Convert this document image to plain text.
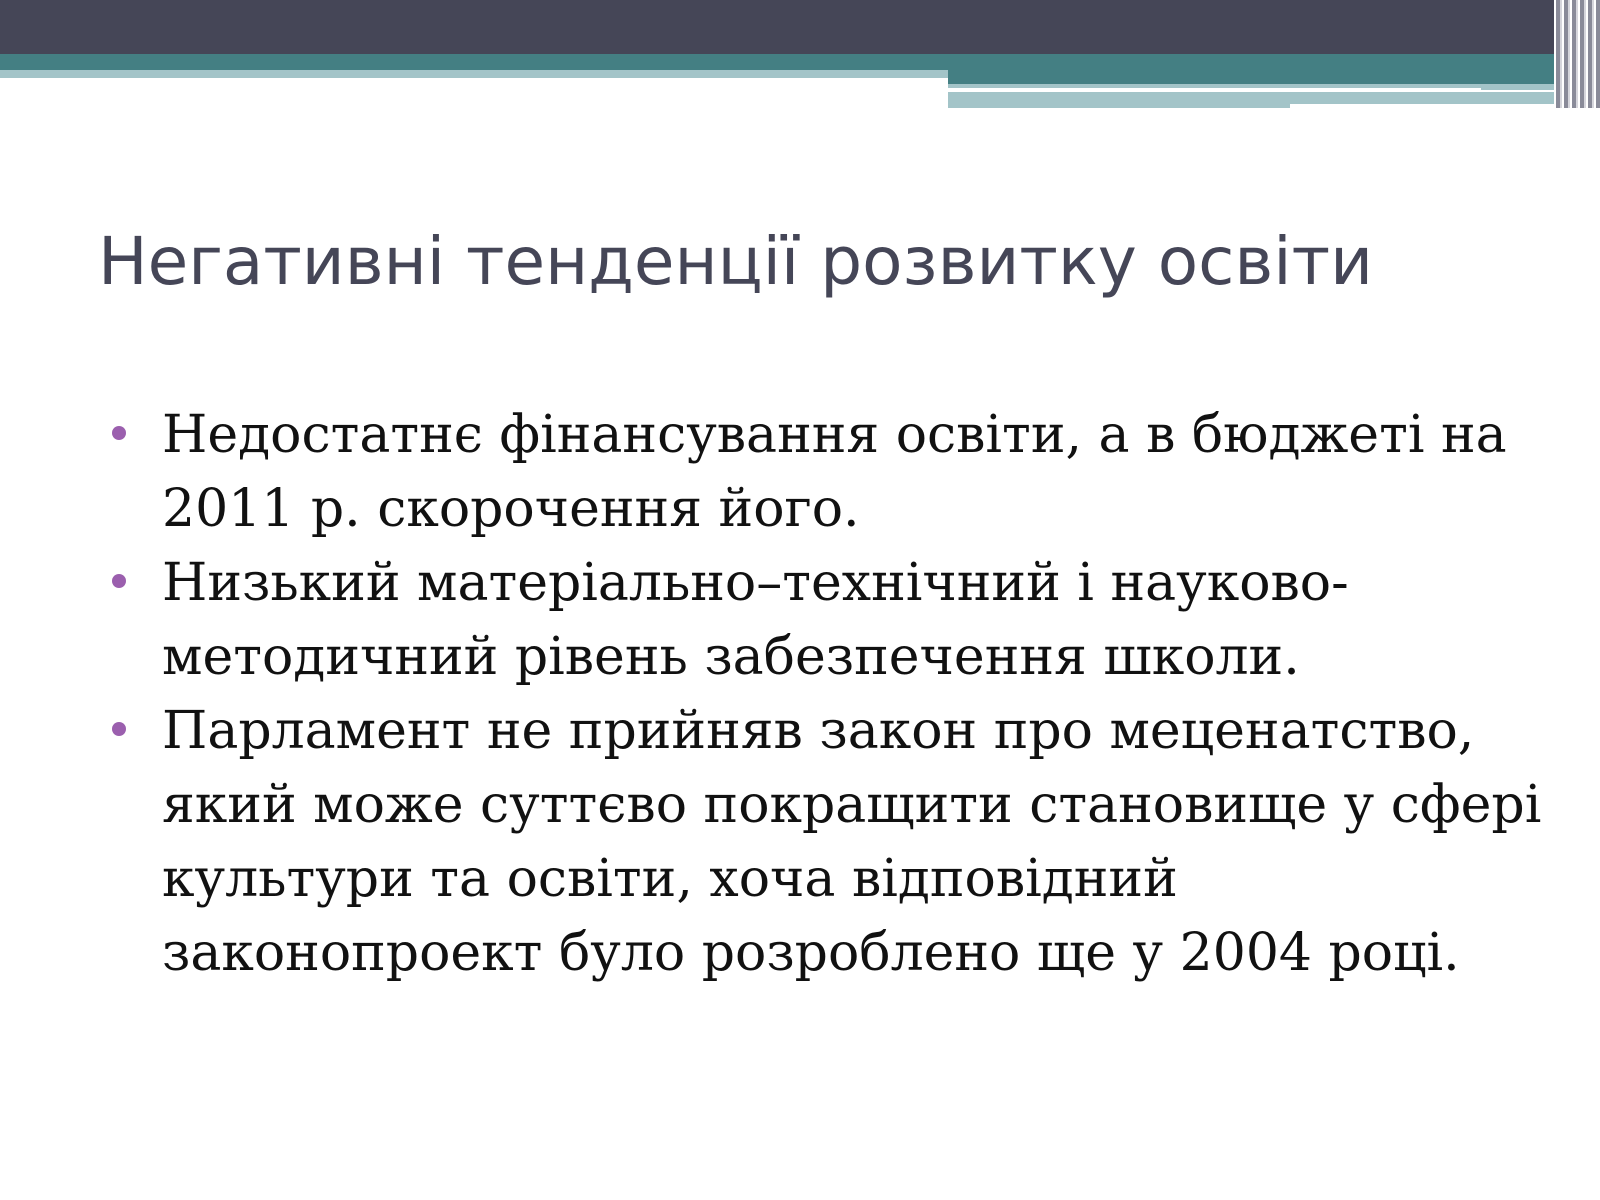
Негативні тенденції розвитку освіти
Недостатнє фінансування освіти, а в бюджеті на 2011 р. скорочення його.
Низький матеріально–технічний і науково-методичний рівень забезпечення школи.
Парламент не прийняв закон про меценатство, який може суттєво покращити становище у сфері культури та освіти, хоча відповідний законопроект було розроблено ще у 2004 році.
